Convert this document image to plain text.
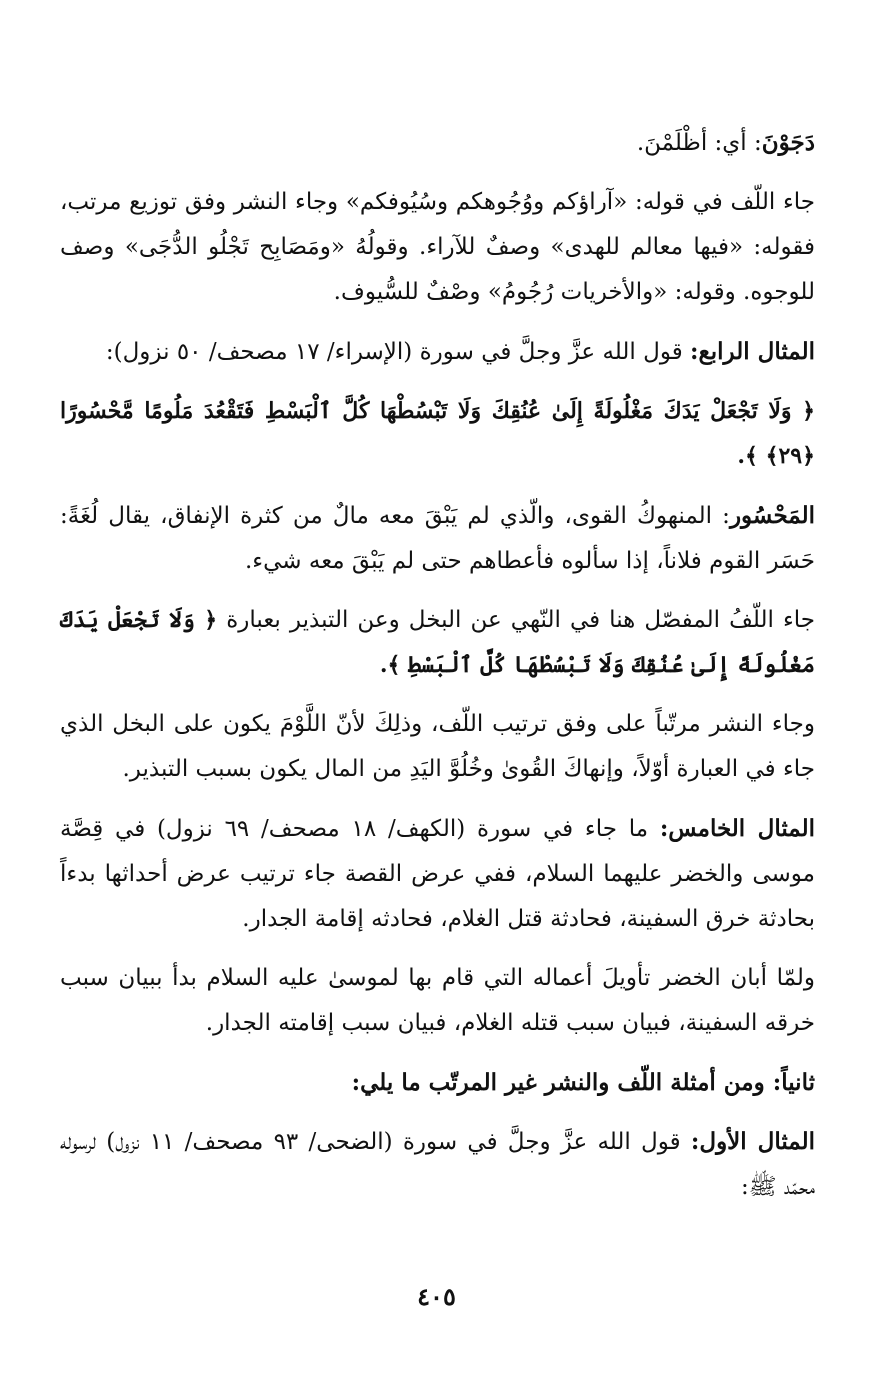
دَجَوْنَ: أي: أظْلَمْنَ.

جاء اللّف في قوله: «آراؤكم ووُجُوهكم وسُيُوفكم» وجاء النشر وفق توزيع مرتب، فقوله: «فيها معالم للهدى» وصفٌ للآراء. وقولُهُ «ومَصَابِح تَجْلُو الدُّجَى» وصف للوجوه. وقوله: «والأخريات رُجُومُ» وصْفٌ للسُّيوف.

المثال الرابع: قول الله عزَّ وجلَّ في سورة (الإسراء/ ١٧ مصحف/ ٥٠ نزول):

﴿ وَلَا تَجْعَلْ يَدَكَ مَغْلُولَةً إِلَىٰ عُنُقِكَ وَلَا تَبْسُطْهَا كُلَّ ٱلْبَسْطِ فَتَقْعُدَ مَلُومًا مَّحْسُورًا ﴿٢٩﴾ ﴾.

المَحْسُور: المنهوكُ القوى، والّذي لم يَبْقَ معه مالٌ من كثرة الإنفاق، يقال لُغَةً: حَسَر القوم فلاناً، إذا سألوه فأعطاهم حتى لم يَبْقَ معه شيء.

جاء اللّفُ المفصّل هنا في النّهي عن البخل وعن التبذير بعبارة ﴿ وَلَا تَجْعَلْ يَدَكَ مَغْلُولَةً إِلَىٰ عُنُقِكَ وَلَا تَبْسُطْهَا كُلَّ ٱلْبَسْطِ ﴾.

وجاء النشر مرتّباً على وفق ترتيب اللّف، وذلِكَ لأنّ اللَّوْمَ يكون على البخل الذي جاء في العبارة أوّلاً، وإنهاكَ القُوىٰ وخُلُوَّ اليَدِ من المال يكون بسبب التبذير.

المثال الخامس: ما جاء في سورة (الكهف/ ١٨ مصحف/ ٦٩ نزول) في قِصَّة موسى والخضر عليهما السلام، ففي عرض القصة جاء ترتيب عرض أحداثها بدءاً بحادثة خرق السفينة، فحادثة قتل الغلام، فحادثه إقامة الجدار.

ولمّا أبان الخضر تأويلَ أعماله التي قام بها لموسىٰ عليه السلام بدأ ببيان سبب خرقه السفينة، فبيان سبب قتله الغلام، فبيان سبب إقامته الجدار.

ثانياً: ومن أمثلة اللّف والنشر غير المرتّب ما يلي:

المثال الأول: قول الله عزَّ وجلَّ في سورة (الضحى/ ٩٣ مصحف/ ١١ نزول) لرسوله محمّد ﷺ:

٤٠٥
